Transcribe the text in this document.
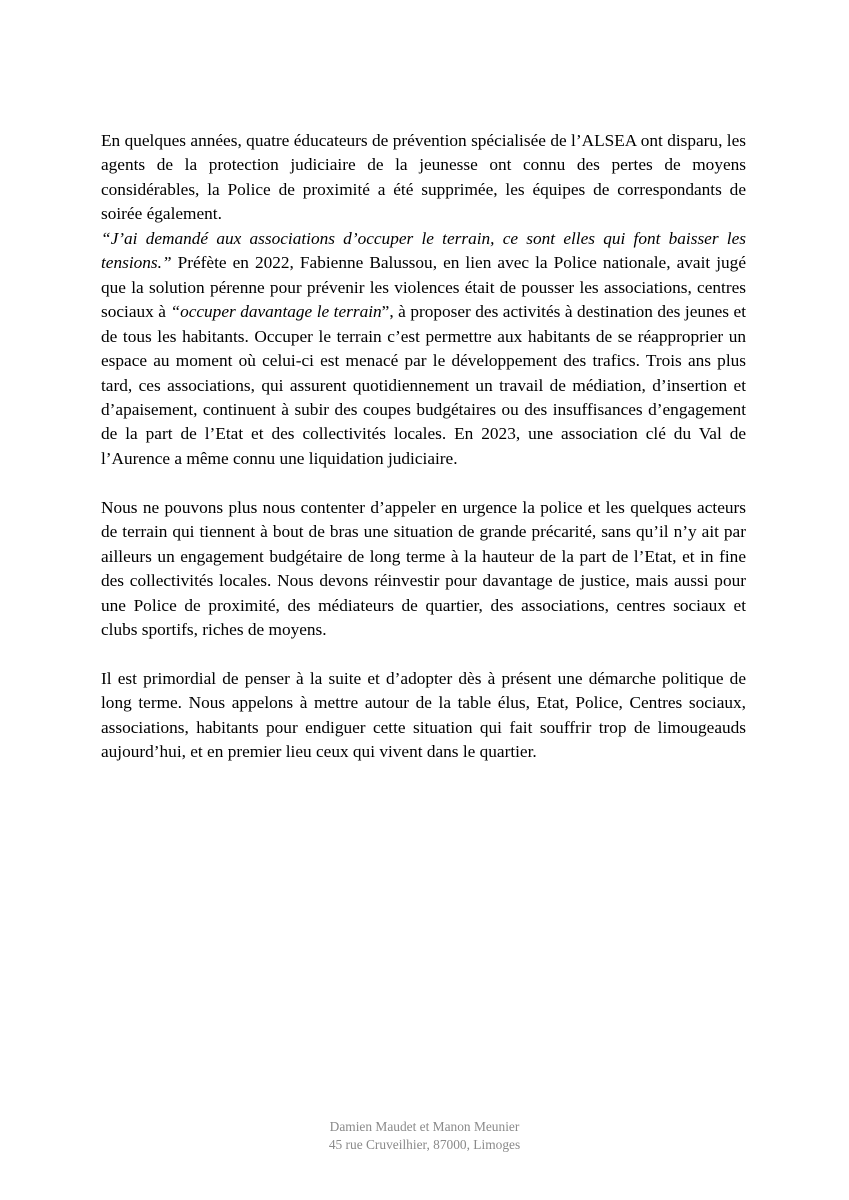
En quelques années, quatre éducateurs de prévention spécialisée de l’ALSEA ont disparu, les agents de la protection judiciaire de la jeunesse ont connu des pertes de moyens considérables, la Police de proximité a été supprimée, les équipes de correspondants de soirée également.

“J’ai demandé aux associations d’occuper le terrain, ce sont elles qui font baisser les tensions.” Préfète en 2022, Fabienne Balussou, en lien avec la Police nationale, avait jugé que la solution pérenne pour prévenir les violences était de pousser les associations, centres sociaux à “occuper davantage le terrain”, à proposer des activités à destination des jeunes et de tous les habitants. Occuper le terrain c’est permettre aux habitants de se réapproprier un espace au moment où celui-ci est menacé par le développement des trafics. Trois ans plus tard, ces associations, qui assurent quotidiennement un travail de médiation, d’insertion et d’apaisement, continuent à subir des coupes budgétaires ou des insuffisances d’engagement de la part de l’Etat et des collectivités locales. En 2023, une association clé du Val de l’Aurence a même connu une liquidation judiciaire.

Nous ne pouvons plus nous contenter d’appeler en urgence la police et les quelques acteurs de terrain qui tiennent à bout de bras une situation de grande précarité, sans qu’il n’y ait par ailleurs un engagement budgétaire de long terme à la hauteur de la part de l’Etat, et in fine des collectivités locales. Nous devons réinvestir pour davantage de justice, mais aussi pour une Police de proximité, des médiateurs de quartier, des associations, centres sociaux et clubs sportifs, riches de moyens.

Il est primordial de penser à la suite et d’adopter dès à présent une démarche politique de long terme. Nous appelons à mettre autour de la table élus, Etat, Police, Centres sociaux, associations, habitants pour endiguer cette situation qui fait souffrir trop de limougeauds aujourd’hui, et en premier lieu ceux qui vivent dans le quartier.

Damien Maudet et Manon Meunier
45 rue Cruveilhier, 87000, Limoges
